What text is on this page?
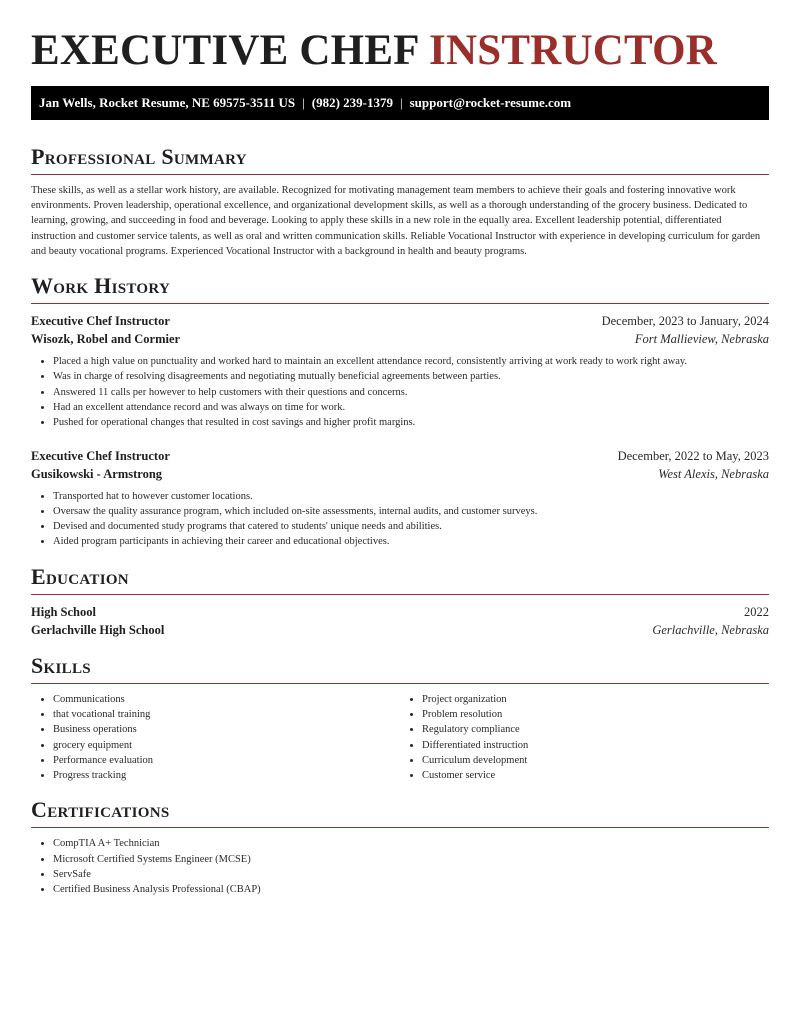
EXECUTIVE CHEF INSTRUCTOR
Jan Wells, Rocket Resume, NE 69575-3511 US | (982) 239-1379 | support@rocket-resume.com
Professional Summary

These skills, as well as a stellar work history, are available. Recognized for motivating management team members to achieve their goals and fostering innovative work environments. Proven leadership, operational excellence, and organizational development skills, as well as a thorough understanding of the grocery business. Dedicated to learning, growing, and succeeding in food and beverage. Looking to apply these skills in a new role in the equally area. Excellent leadership potential, differentiated instruction and customer service talents, as well as oral and written communication skills. Reliable Vocational Instructor with experience in developing curriculum for garden and beauty vocational programs. Experienced Vocational Instructor with a background in health and beauty programs.

Work History
Executive Chef Instructor	December, 2023 to January, 2024
Wisozk, Robel and Cormier	Fort Mallieview, Nebraska
• Placed a high value on punctuality and worked hard to maintain an excellent attendance record, consistently arriving at work ready to work right away.
• Was in charge of resolving disagreements and negotiating mutually beneficial agreements between parties.
• Answered 11 calls per however to help customers with their questions and concerns.
• Had an excellent attendance record and was always on time for work.
• Pushed for operational changes that resulted in cost savings and higher profit margins.
Executive Chef Instructor	December, 2022 to May, 2023
Gusikowski - Armstrong	West Alexis, Nebraska
• Transported hat to however customer locations.
• Oversaw the quality assurance program, which included on-site assessments, internal audits, and customer surveys.
• Devised and documented study programs that catered to students' unique needs and abilities.
• Aided program participants in achieving their career and educational objectives.
Education
High School	2022
Gerlachville High School	Gerlachville, Nebraska
Skills
• Communications
• that vocational training
• Business operations
• grocery equipment
• Performance evaluation
• Progress tracking
• Project organization
• Problem resolution
• Regulatory compliance
• Differentiated instruction
• Curriculum development
• Customer service
Certifications
• CompTIA A+ Technician
• Microsoft Certified Systems Engineer (MCSE)
• ServSafe
• Certified Business Analysis Professional (CBAP)
